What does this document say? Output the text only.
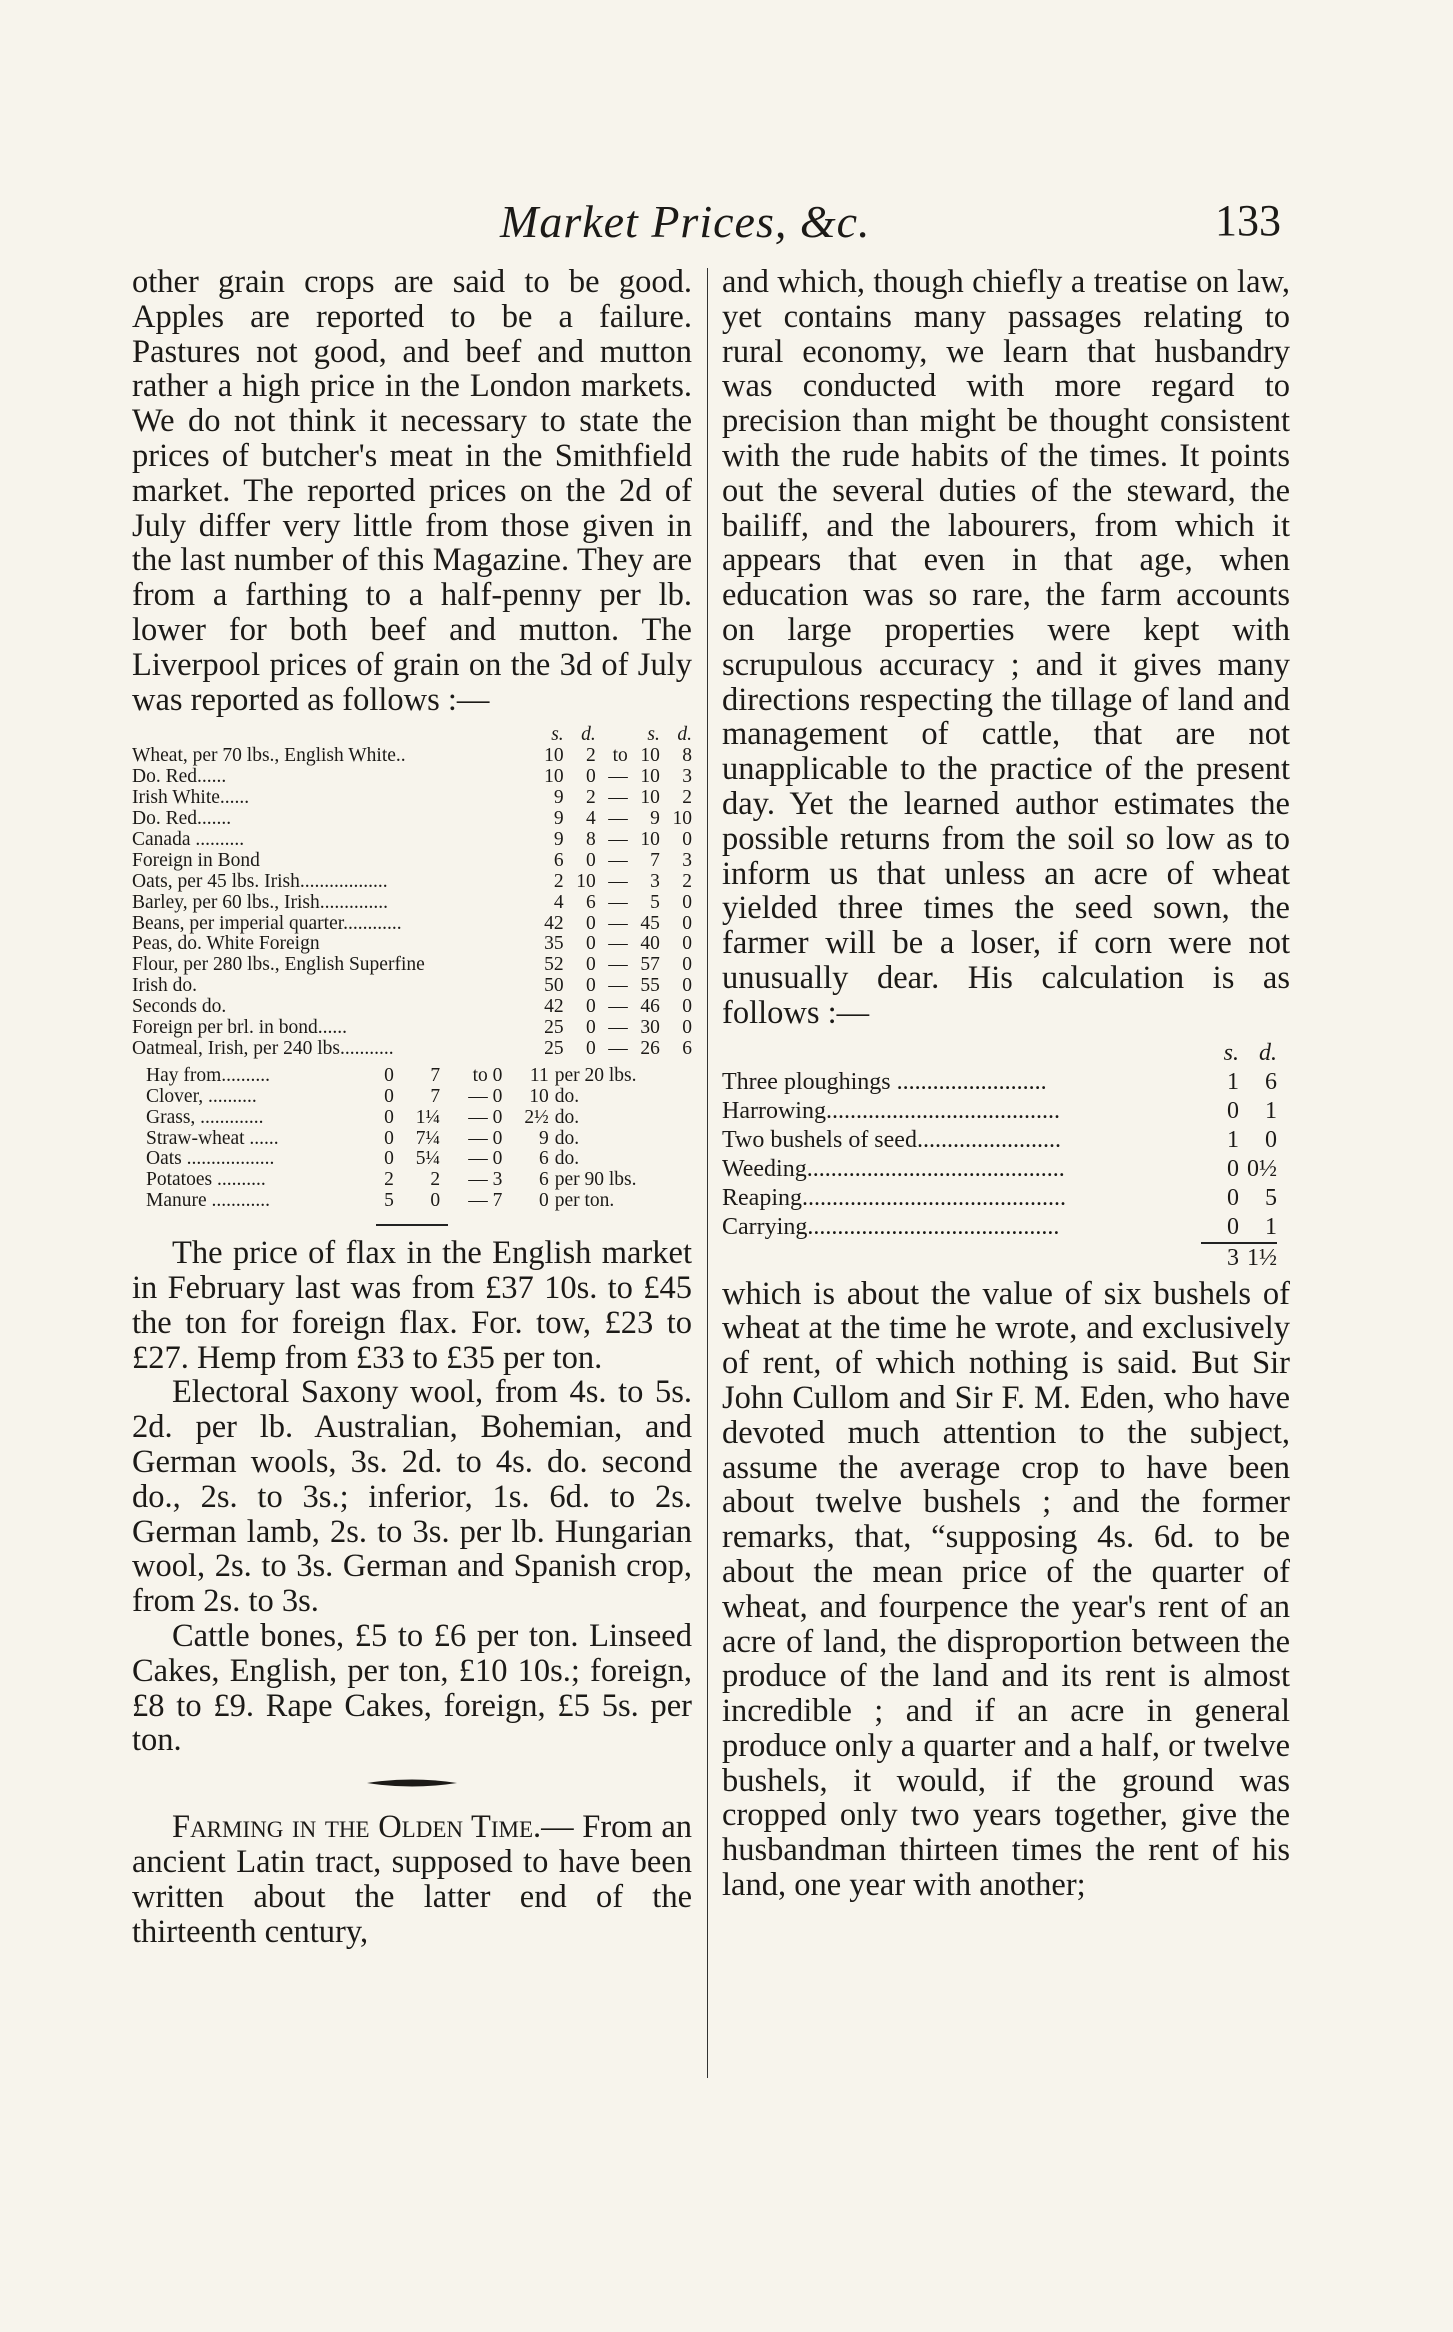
Market Prices, &c.	133

other grain crops are said to be good. Apples are reported to be a failure. Pastures not good, and beef and mutton rather a high price in the London markets. We do not think it necessary to state the prices of butcher's meat in the Smithfield market. The reported prices on the 2d of July differ very little from those given in the last number of this Magazine. They are from a farthing to a half-penny per lb. lower for both beef and mutton. The Liverpool prices of grain on the 3d of July was reported as follows :—

	s.	d.		s.	d.
Wheat, per 70 lbs., English White..	10	2	to	10	8
Do. Red......	10	0	—	10	3
Irish White......	9	2	—	10	2
Do. Red.......	9	4	—	9	10
Canada ..........	9	8	—	10	0
Foreign in Bond	6	0	—	7	3
Oats, per 45 lbs. Irish..................	2	10	—	3	2
Barley, per 60 lbs., Irish..............	4	6	—	5	0
Beans, per imperial quarter............	42	0	—	45	0
Peas, do. White Foreign	35	0	—	40	0
Flour, per 280 lbs., English Superfine	52	0	—	57	0
Irish do.	50	0	—	55	0
Seconds do.	42	0	—	46	0
Foreign per brl. in bond......	25	0	—	30	0
Oatmeal, Irish, per 240 lbs...........	25	0	—	26	6
Hay from..........	0	7	to 0	11	per 20 lbs.
Clover, ..........	0	7	— 0	10	do.
Grass, .............	0	1¼	— 0	2½	do.
Straw-wheat ......	0	7¼	— 0	9	do.
Oats ..................	0	5¼	— 0	6	do.
Potatoes ..........	2	2	— 3	6	per 90 lbs.
Manure ............	5	0	— 7	0	per ton.

The price of flax in the English market in February last was from £37 10s. to £45 the ton for foreign flax. For. tow, £23 to £27. Hemp from £33 to £35 per ton.

Electoral Saxony wool, from 4s. to 5s. 2d. per lb. Australian, Bohemian, and German wools, 3s. 2d. to 4s. do. second do., 2s. to 3s.; inferior, 1s. 6d. to 2s. German lamb, 2s. to 3s. per lb. Hungarian wool, 2s. to 3s. German and Spanish crop, from 2s. to 3s.

Cattle bones, £5 to £6 per ton. Linseed Cakes, English, per ton, £10 10s.; foreign, £8 to £9. Rape Cakes, foreign, £5 5s. per ton.

Farming in the Olden Time.— From an ancient Latin tract, supposed to have been written about the latter end of the thirteenth century,

and which, though chiefly a treatise on law, yet contains many passages relating to rural economy, we learn that husbandry was conducted with more regard to precision than might be thought consistent with the rude habits of the times. It points out the several duties of the steward, the bailiff, and the labourers, from which it appears that even in that age, when education was so rare, the farm accounts on large properties were kept with scrupulous accuracy ; and it gives many directions respecting the tillage of land and management of cattle, that are not unapplicable to the practice of the present day. Yet the learned author estimates the possible returns from the soil so low as to inform us that unless an acre of wheat yielded three times the seed sown, the farmer will be a loser, if corn were not unusually dear. His calculation is as follows :—

	s.	d.
Three ploughings .........................	1	6
Harrowing.......................................	0	1
Two bushels of seed........................	1	0
Weeding...........................................	0	0½
Reaping............................................	0	5
Carrying..........................................	0	1
	3	1½

which is about the value of six bushels of wheat at the time he wrote, and exclusively of rent, of which nothing is said. But Sir John Cullom and Sir F. M. Eden, who have devoted much attention to the subject, assume the average crop to have been about twelve bushels ; and the former remarks, that, “supposing 4s. 6d. to be about the mean price of the quarter of wheat, and fourpence the year's rent of an acre of land, the disproportion between the produce of the land and its rent is almost incredible ; and if an acre in general produce only a quarter and a half, or twelve bushels, it would, if the ground was cropped only two years together, give the husbandman thirteen times the rent of his land, one year with another;
